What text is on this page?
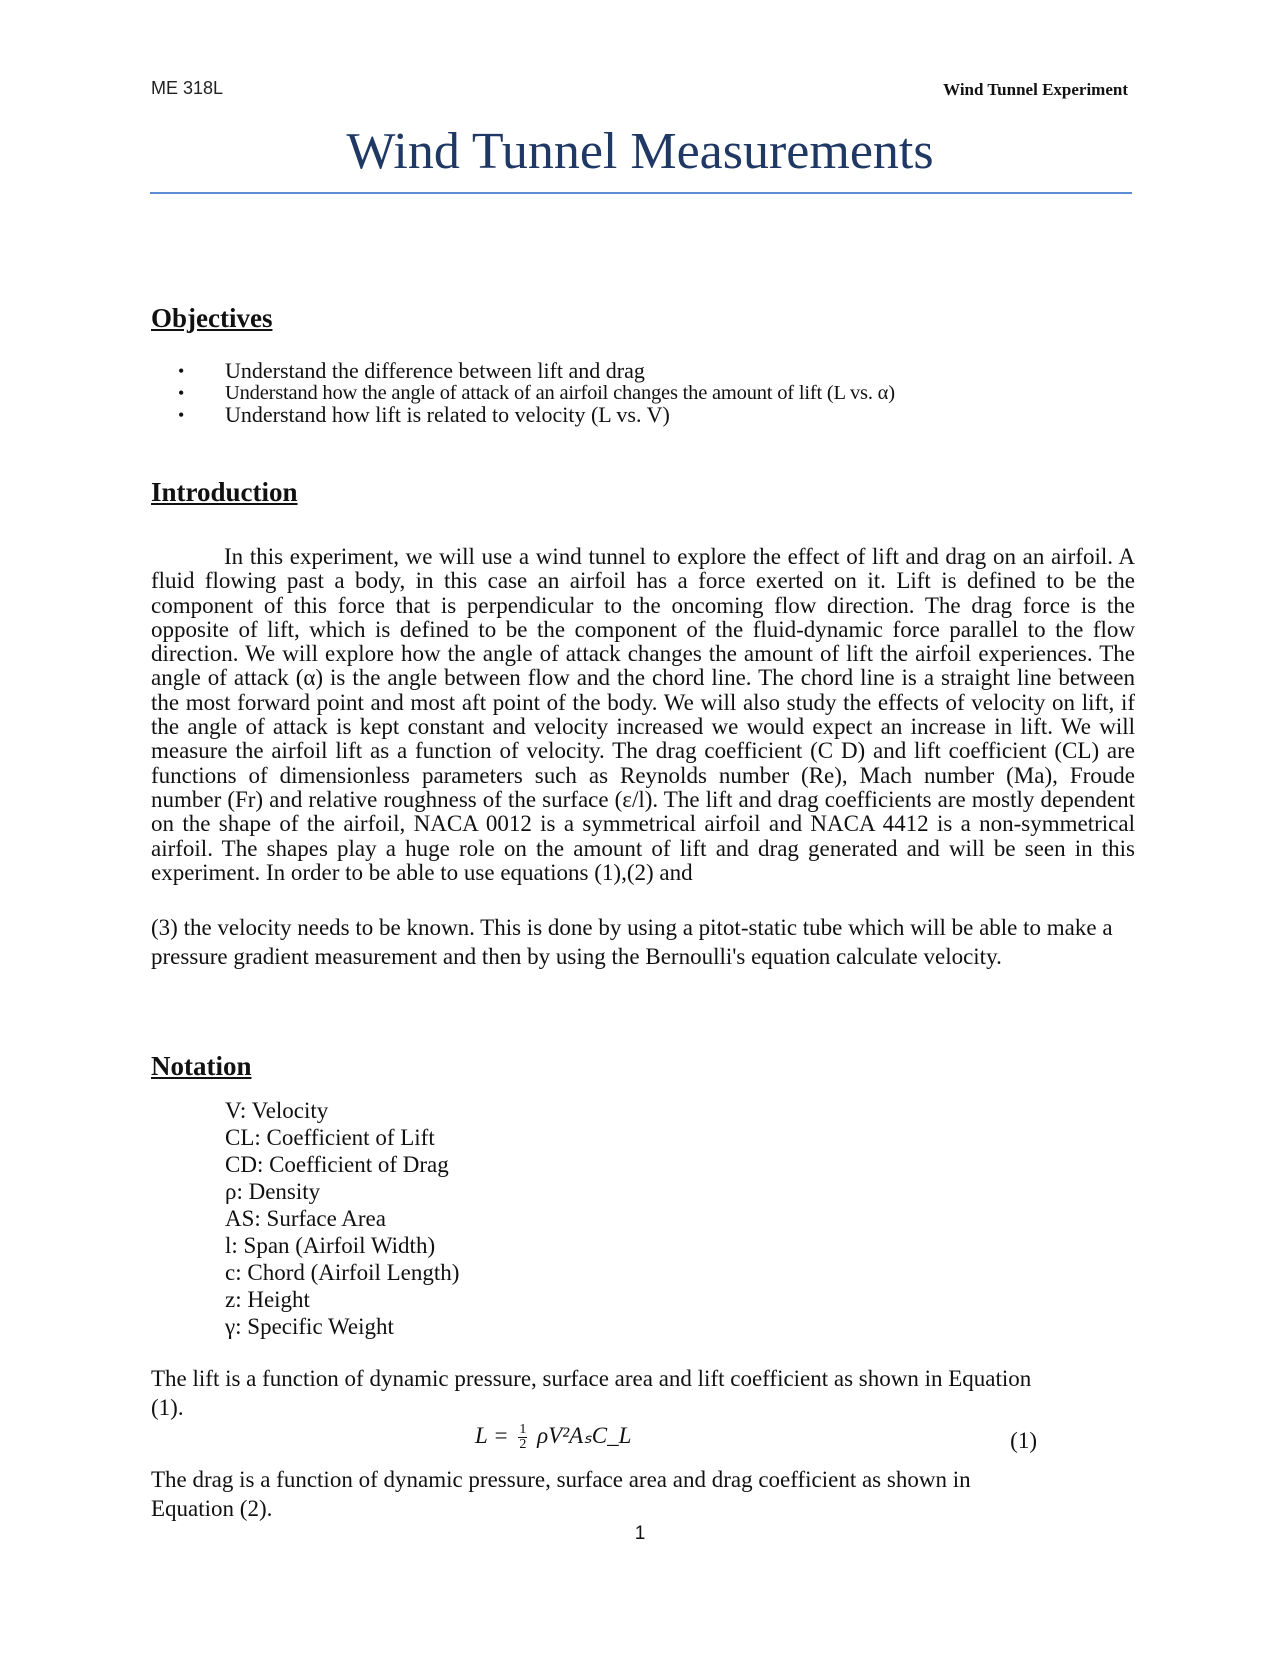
ME 318L	Wind Tunnel Experiment
Wind Tunnel Measurements
Objectives
• Understand the difference between lift and drag
• Understand how the angle of attack of an airfoil changes the amount of lift (L vs. α)
• Understand how lift is related to velocity (L vs. V)
Introduction

In this experiment, we will use a wind tunnel to explore the effect of lift and drag on an airfoil. A fluid flowing past a body, in this case an airfoil has a force exerted on it. Lift is defined to be the component of this force that is perpendicular to the oncoming flow direction. The drag force is the opposite of lift, which is defined to be the component of the fluid-dynamic force parallel to the flow direction. We will explore how the angle of attack changes the amount of lift the airfoil experiences. The angle of attack (α) is the angle between flow and the chord line. The chord line is a straight line between the most forward point and most aft point of the body. We will also study the effects of velocity on lift, if the angle of attack is kept constant and velocity increased we would expect an increase in lift. We will measure the airfoil lift as a function of velocity. The drag coefficient (C D) and lift coefficient (CL) are functions of dimensionless parameters such as Reynolds number (Re), Mach number (Ma), Froude number (Fr) and relative roughness of the surface (ε/l). The lift and drag coefficients are mostly dependent on the shape of the airfoil, NACA 0012 is a symmetrical airfoil and NACA 4412 is a non-symmetrical airfoil. The shapes play a huge role on the amount of lift and drag generated and will be seen in this experiment. In order to be able to use equations (1),(2) and

(3) the velocity needs to be known. This is done by using a pitot-static tube which will be able to make a pressure gradient measurement and then by using the Bernoulli's equation calculate velocity.

Notation
V: Velocity
CL: Coefficient of Lift
CD: Coefficient of Drag
ρ: Density
AS: Surface Area
l: Span (Airfoil Width)
c: Chord (Airfoil Length)
z: Height
γ: Specific Weight

The lift is a function of dynamic pressure, surface area and lift coefficient as shown in Equation (1).

$L = \frac{1}{2}$ ρV²AₛC_L	(1)

The drag is a function of dynamic pressure, surface area and drag coefficient as shown in Equation (2).

1
